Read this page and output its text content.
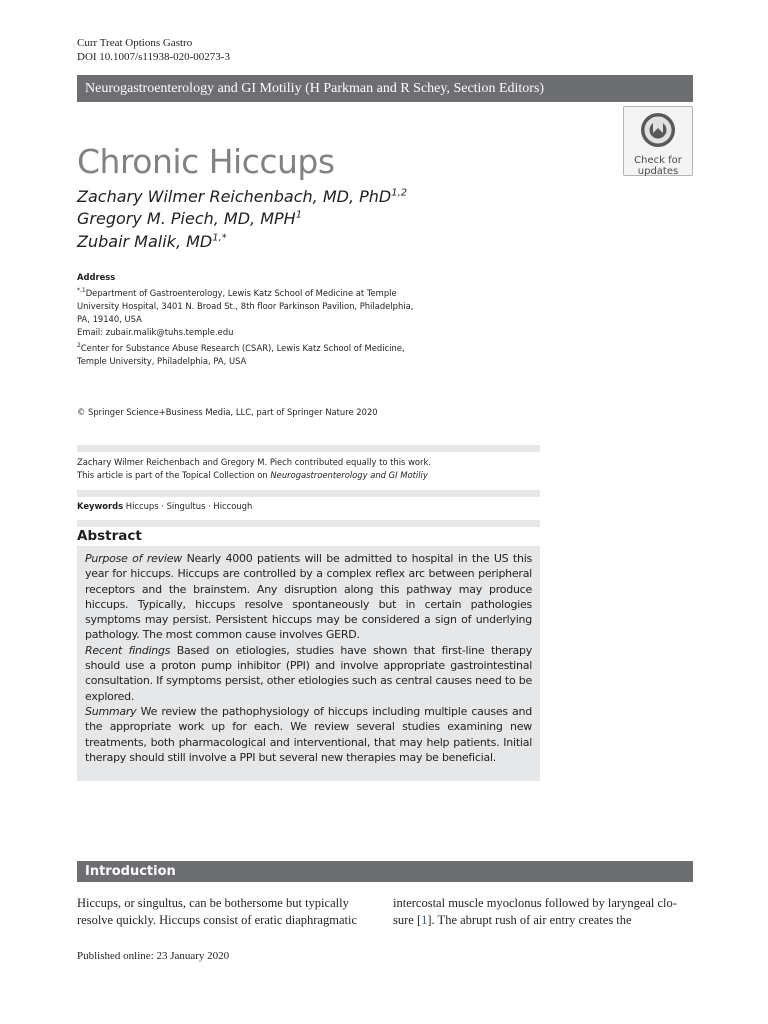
Curr Treat Options Gastro
DOI 10.1007/s11938-020-00273-3
Neurogastroenterology and GI Motiliy (H Parkman and R Schey, Section Editors)
Check for
updates
Chronic Hiccups
Zachary Wilmer Reichenbach, MD, PhD$^{1,2}$
Gregory M. Piech, MD, MPH$^1$
Zubair Malik, $MD^{1,*}$
Address
$^{*,1}$Department of Gastroenterology, Lewis Katz School of Medicine at Temple
University Hospital, 3401 N. Broad St., 8th floor Parkinson Pavilion, Philadelphia,
PA, 19140, USA
Email: zubair.malik@tuhs.temple.edu
$^2$Center for Substance Abuse Research (CSAR), Lewis Katz School of Medicine,
Temple University, Philadelphia, PA, USA
© Springer Science+Business Media, LLC, part of Springer Nature 2020
Zachary Wilmer Reichenbach and Gregory M. Piech contributed equally to this work.
This article is part of the Topical Collection on Neurogastroenterology and GI Motiliy
Keywords Hiccups · Singultus · Hiccough
Abstract

Purpose of review Nearly 4000 patients will be admitted to hospital in the US this year for hiccups. Hiccups are controlled by a complex reflex arc between peripheral receptors and the brainstem. Any disruption along this pathway may produce hiccups. Typically, hiccups resolve spontaneously but in certain pathologies symptoms may persist. Persistent hiccups may be considered a sign of underlying pathology. The most common cause involves GERD.

Recent findings Based on etiologies, studies have shown that first-line therapy should use a proton pump inhibitor (PPI) and involve appropriate gastrointestinal consultation. If symptoms persist, other etiologies such as central causes need to be explored.

Summary We review the pathophysiology of hiccups including multiple causes and the appropriate work up for each. We review several studies examining new treatments, both pharmacological and interventional, that may help patients. Initial therapy should still involve a PPI but several new therapies may be beneficial.

Introduction
Hiccups, or singultus, can be bothersome but typically
resolve quickly. Hiccups consist of eratic diaphragmatic
intercostal muscle myoclonus followed by laryngeal clo-
sure [1]. The abrupt rush of air entry creates the
Published online: 23 January 2020
